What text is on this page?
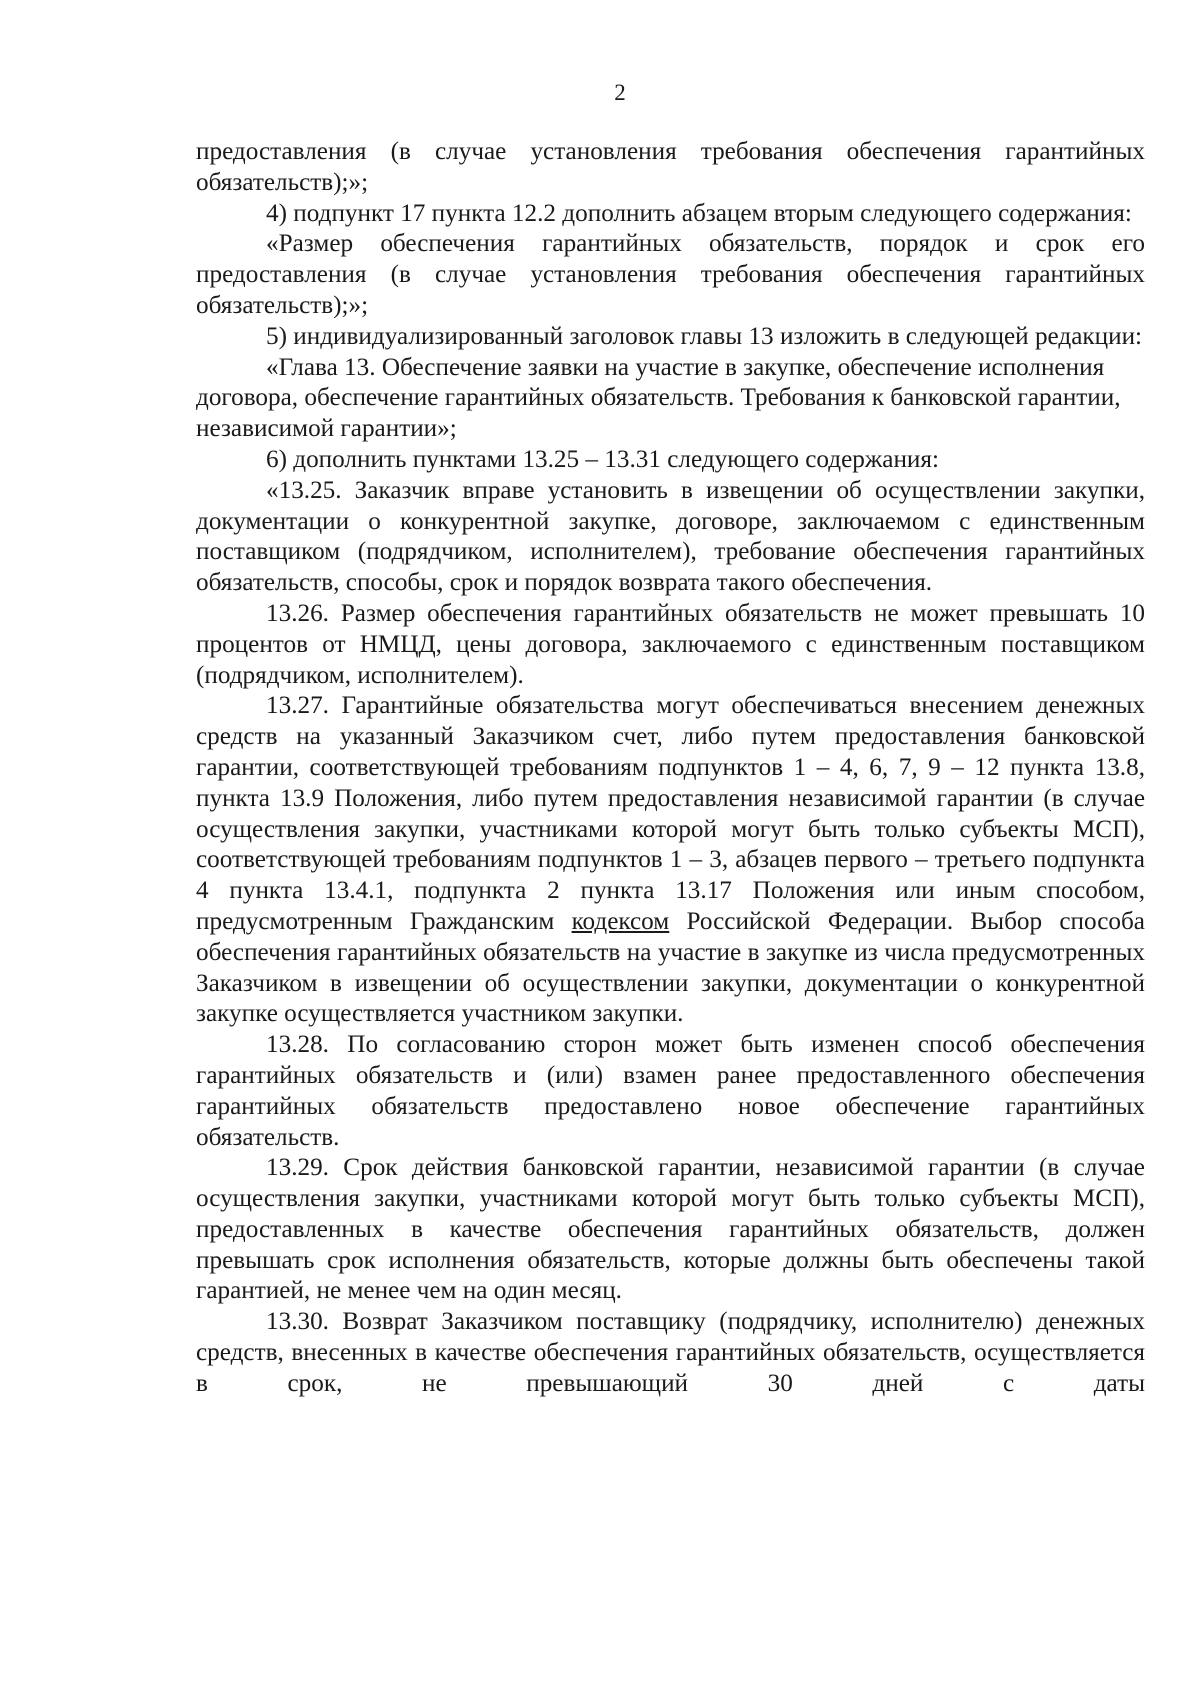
2

предоставления (в случае установления требования обеспечения гарантийных обязательств);»;

4) подпункт 17 пункта 12.2 дополнить абзацем вторым следующего содержания:

«Размер обеспечения гарантийных обязательств, порядок и срок его предоставления (в случае установления требования обеспечения гарантийных обязательств);»;

5) индивидуализированный заголовок главы 13 изложить в следующей редакции:

«Глава 13. Обеспечение заявки на участие в закупке, обеспечение исполнения договора, обеспечение гарантийных обязательств. Требования к банковской гарантии, независимой гарантии»;

6) дополнить пунктами 13.25 – 13.31 следующего содержания:

«13.25. Заказчик вправе установить в извещении об осуществлении закупки, документации о конкурентной закупке, договоре, заключаемом с единственным поставщиком (подрядчиком, исполнителем), требование обеспечения гарантийных обязательств, способы, срок и порядок возврата такого обеспечения.

13.26. Размер обеспечения гарантийных обязательств не может превышать 10 процентов от НМЦД, цены договора, заключаемого с единственным поставщиком (подрядчиком, исполнителем).

13.27. Гарантийные обязательства могут обеспечиваться внесением денежных средств на указанный Заказчиком счет, либо путем предоставления банковской гарантии, соответствующей требованиям подпунктов 1 – 4, 6, 7, 9 – 12 пункта 13.8, пункта 13.9 Положения, либо путем предоставления независимой гарантии (в случае осуществления закупки, участниками которой могут быть только субъекты МСП), соответствующей требованиям подпунктов 1 – 3, абзацев первого – третьего подпункта 4 пункта 13.4.1, подпункта 2 пункта 13.17 Положения или иным способом, предусмотренным Гражданским кодексом Российской Федерации. Выбор способа обеспечения гарантийных обязательств на участие в закупке из числа предусмотренных Заказчиком в извещении об осуществлении закупки, документации о конкурентной закупке осуществляется участником закупки.

13.28. По согласованию сторон может быть изменен способ обеспечения гарантийных обязательств и (или) взамен ранее предоставленного обеспечения гарантийных обязательств предоставлено новое обеспечение гарантийных обязательств.

13.29. Срок действия банковской гарантии, независимой гарантии (в случае осуществления закупки, участниками которой могут быть только субъекты МСП), предоставленных в качестве обеспечения гарантийных обязательств, должен превышать срок исполнения обязательств, которые должны быть обеспечены такой гарантией, не менее чем на один месяц.

13.30. Возврат Заказчиком поставщику (подрядчику, исполнителю) денежных средств, внесенных в качестве обеспечения гарантийных обязательств, осуществляется в срок, не превышающий 30 дней с даты
